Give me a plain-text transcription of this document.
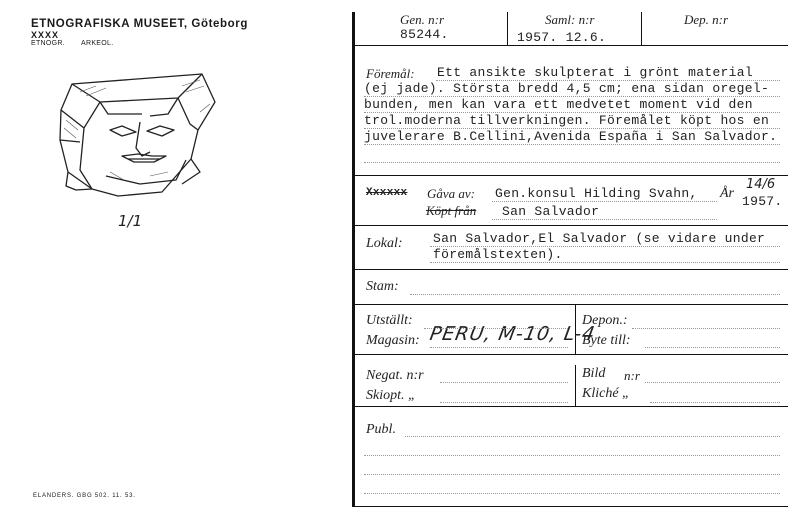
ETNOGRAFISKA MUSEET, Göteborg
XXXX
ETNOGR. ARKEOL.
1/1
ELANDERS. GBG 502. 11. 53.
Gen. n:r
85244.
Saml: n:r
1957. 12.6.
Dep. n:r
Föremål: Ett ansikte skulpterat i grönt material
(ej jade). Största bredd 4,5 cm; ena sidan oregel-
bunden, men kan vara ett medvetet moment vid den
trol.moderna tillverkningen. Föremålet köpt hos en
juvelerare B.Cellini,Avenida España i San Salvador.
Xxxxxx Gåva av: Gen.konsul Hilding Svahn, År
14/6
1957.
Köpt från San Salvador
Lokal: San Salvador,El Salvador (se vidare under
föremålstexten).
Stam:
Utställt:	Depon.:
Magasin: PERU, M-10, L-4
Byte till:
Negat. n:r	Bild n:r
Skiopt. „	Kliché „
Publ.
